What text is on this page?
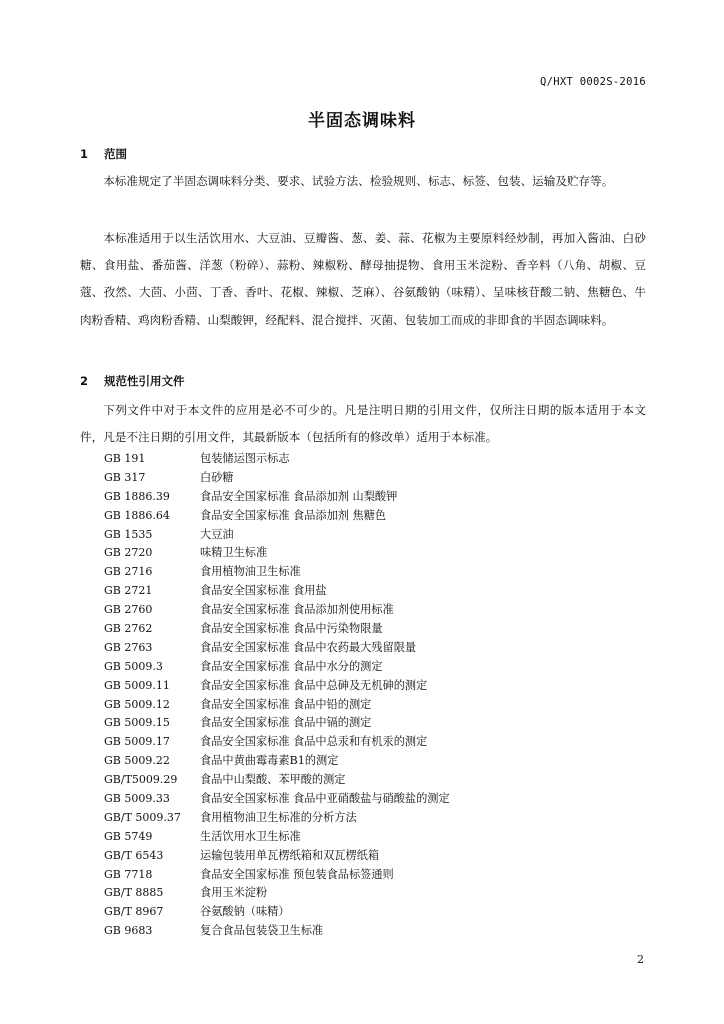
Q/HXT 0002S-2016
半固态调味料
1 范围

本标准规定了半固态调味料分类、要求、试验方法、检验规则、标志、标签、包装、运输及贮存等。

本标准适用于以生活饮用水、大豆油、豆瓣酱、葱、姜、蒜、花椒为主要原料经炒制，再加入酱油、白砂糖、食用盐、番茄酱、洋葱（粉碎）、蒜粉、辣椒粉、酵母抽提物、食用玉米淀粉、香辛料（八角、胡椒、豆蔻、孜然、大茴、小茴、丁香、香叶、花椒、辣椒、芝麻）、谷氨酸钠（味精）、呈味核苷酸二钠、焦糖色、牛肉粉香精、鸡肉粉香精、山梨酸钾，经配料、混合搅拌、灭菌、包装加工而成的非即食的半固态调味料。

2 规范性引用文件

下列文件中对于本文件的应用是必不可少的。凡是注明日期的引用文件，仅所注日期的版本适用于本文件，凡是不注日期的引用文件，其最新版本（包括所有的修改单）适用于本标准。

GB 191	包装储运图示标志
GB 317	白砂糖
GB 1886.39	食品安全国家标准 食品添加剂 山梨酸钾
GB 1886.64	食品安全国家标准 食品添加剂 焦糖色
GB 1535	大豆油
GB 2720	味精卫生标准
GB 2716	食用植物油卫生标准
GB 2721	食品安全国家标准 食用盐
GB 2760	食品安全国家标准 食品添加剂使用标准
GB 2762	食品安全国家标准 食品中污染物限量
GB 2763	食品安全国家标准 食品中农药最大残留限量
GB 5009.3	食品安全国家标准 食品中水分的测定
GB 5009.11	食品安全国家标准 食品中总砷及无机砷的测定
GB 5009.12	食品安全国家标准 食品中铅的测定
GB 5009.15	食品安全国家标准 食品中镉的测定
GB 5009.17	食品安全国家标准 食品中总汞和有机汞的测定
GB 5009.22	食品中黄曲霉毒素B1的测定
GB/T5009.29 食品中山梨酸、苯甲酸的测定
GB 5009.33	食品安全国家标准 食品中亚硝酸盐与硝酸盐的测定
GB/T 5009.37 食用植物油卫生标准的分析方法
GB 5749	生活饮用水卫生标准
GB/T 6543	运输包装用单瓦楞纸箱和双瓦楞纸箱
GB 7718	食品安全国家标准 预包装食品标签通则
GB/T 8885	食用玉米淀粉
GB/T 8967	谷氨酸钠（味精）
GB 9683	复合食品包装袋卫生标准
2
